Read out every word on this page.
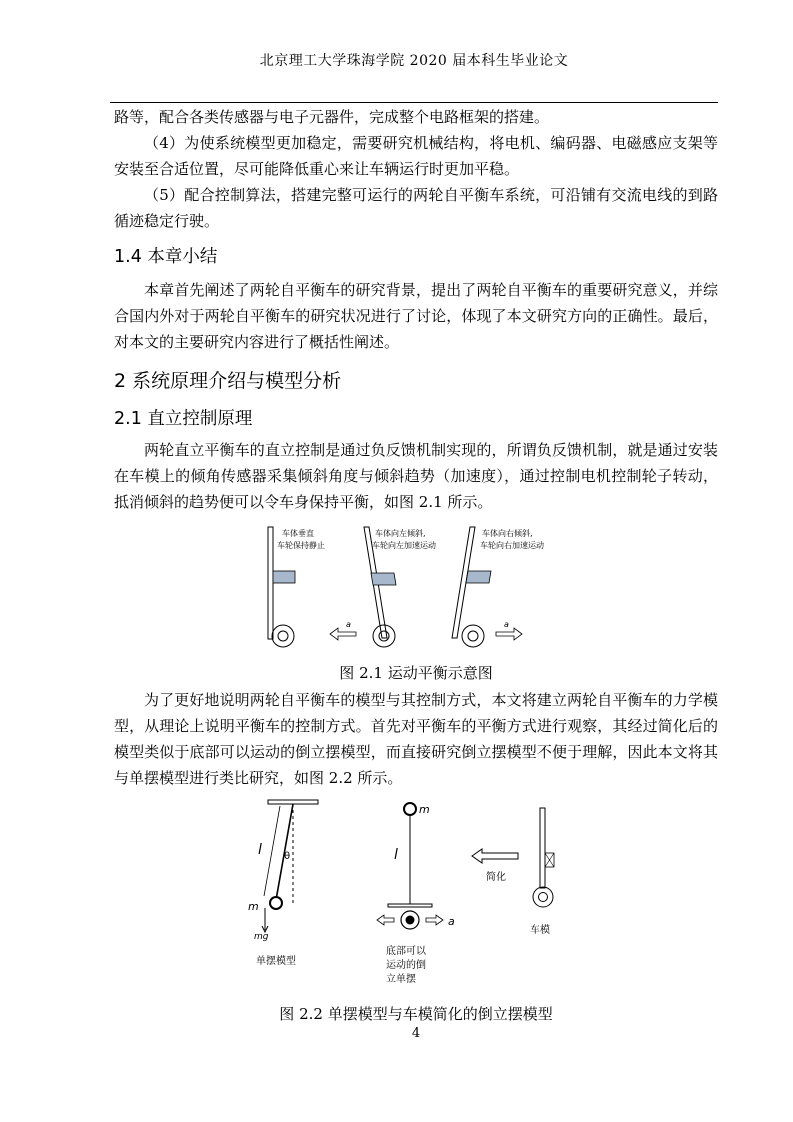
北京理工大学珠海学院 2020 届本科生毕业论文

路等，配合各类传感器与电子元器件，完成整个电路框架的搭建。

（4）为使系统模型更加稳定，需要研究机械结构，将电机、编码器、电磁感应支架等安装至合适位置，尽可能降低重心来让车辆运行时更加平稳。

（5）配合控制算法，搭建完整可运行的两轮自平衡车系统，可沿铺有交流电线的到路循迹稳定行驶。

1.4 本章小结

本章首先阐述了两轮自平衡车的研究背景，提出了两轮自平衡车的重要研究意义，并综合国内外对于两轮自平衡车的研究状况进行了讨论，体现了本文研究方向的正确性。最后，对本文的主要研究内容进行了概括性阐述。

2 系统原理介绍与模型分析
2.1 直立控制原理

两轮直立平衡车的直立控制是通过负反馈机制实现的，所谓负反馈机制，就是通过安装在车模上的倾角传感器采集倾斜角度与倾斜趋势（加速度），通过控制电机控制轮子转动，抵消倾斜的趋势便可以令车身保持平衡，如图 2.1 所示。

车体垂直
车轮保持静止
车体向左倾斜,
车轮向左加速运动
a
车体向右倾斜,
车轮向右加速运动
a

图 2.1 运动平衡示意图

为了更好地说明两轮自平衡车的模型与其控制方式，本文将建立两轮自平衡车的力学模型，从理论上说明平衡车的控制方式。首先对平衡车的平衡方式进行观察，其经过简化后的模型类似于底部可以运动的倒立摆模型，而直接研究倒立摆模型不便于理解，因此本文将其与单摆模型进行类比研究，如图 2.2 所示。

l θ
m
mg
单摆模型
m
l
a
底部可以
运动的倒
立单摆
简化
车模

图 2.2 单摆模型与车模简化的倒立摆模型

4
